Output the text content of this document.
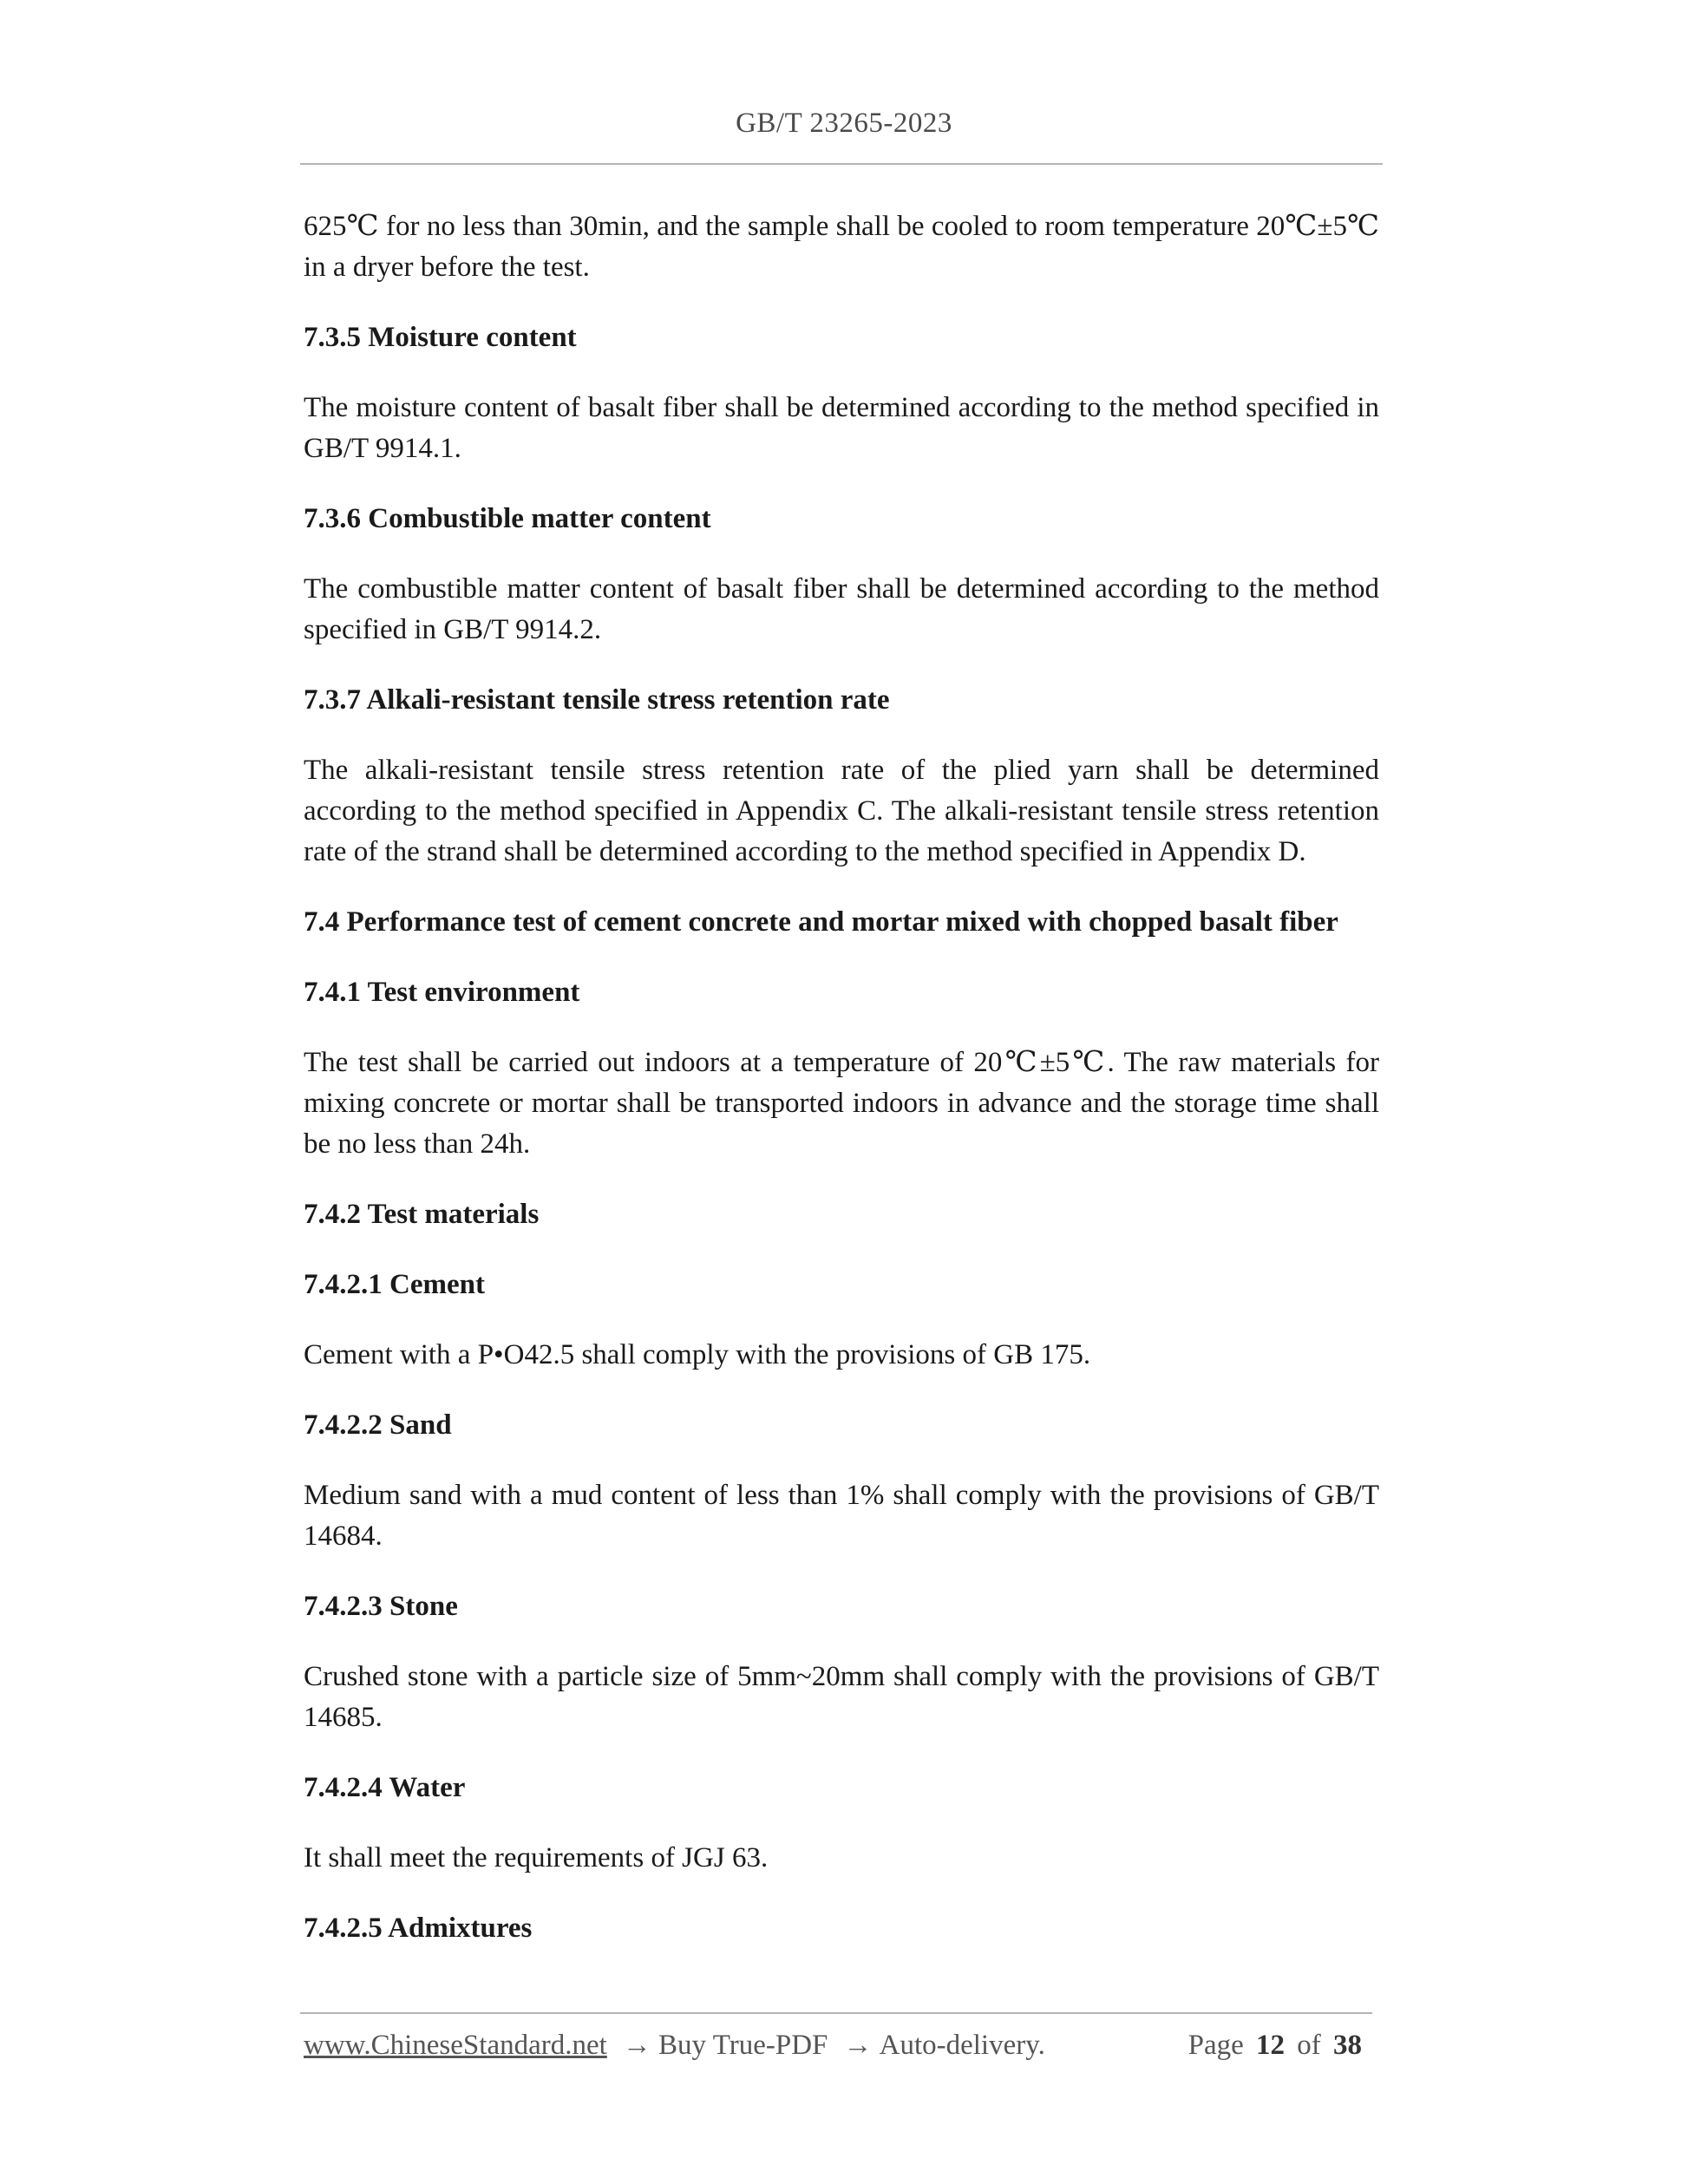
GB/T 23265-2023

625℃ for no less than 30min, and the sample shall be cooled to room temperature 20℃±5℃ in a dryer before the test.

7.3.5 Moisture content

The moisture content of basalt fiber shall be determined according to the method specified in GB/T 9914.1.

7.3.6 Combustible matter content

The combustible matter content of basalt fiber shall be determined according to the method specified in GB/T 9914.2.

7.3.7 Alkali-resistant tensile stress retention rate

The alkali-resistant tensile stress retention rate of the plied yarn shall be determined according to the method specified in Appendix C. The alkali-resistant tensile stress retention rate of the strand shall be determined according to the method specified in Appendix D.

7.4 Performance test of cement concrete and mortar mixed with chopped basalt fiber

7.4.1 Test environment

The test shall be carried out indoors at a temperature of 20℃±5℃. The raw materials for mixing concrete or mortar shall be transported indoors in advance and the storage time shall be no less than 24h.

7.4.2 Test materials

7.4.2.1 Cement

Cement with a P•O42.5 shall comply with the provisions of GB 175.

7.4.2.2 Sand

Medium sand with a mud content of less than 1% shall comply with the provisions of GB/T 14684.

7.4.2.3 Stone

Crushed stone with a particle size of 5mm~20mm shall comply with the provisions of GB/T 14685.

7.4.2.4 Water

It shall meet the requirements of JGJ 63.

7.4.2.5 Admixtures

www.ChineseStandard.net → Buy True-PDF → Auto-delivery.	Page 12 of 38
